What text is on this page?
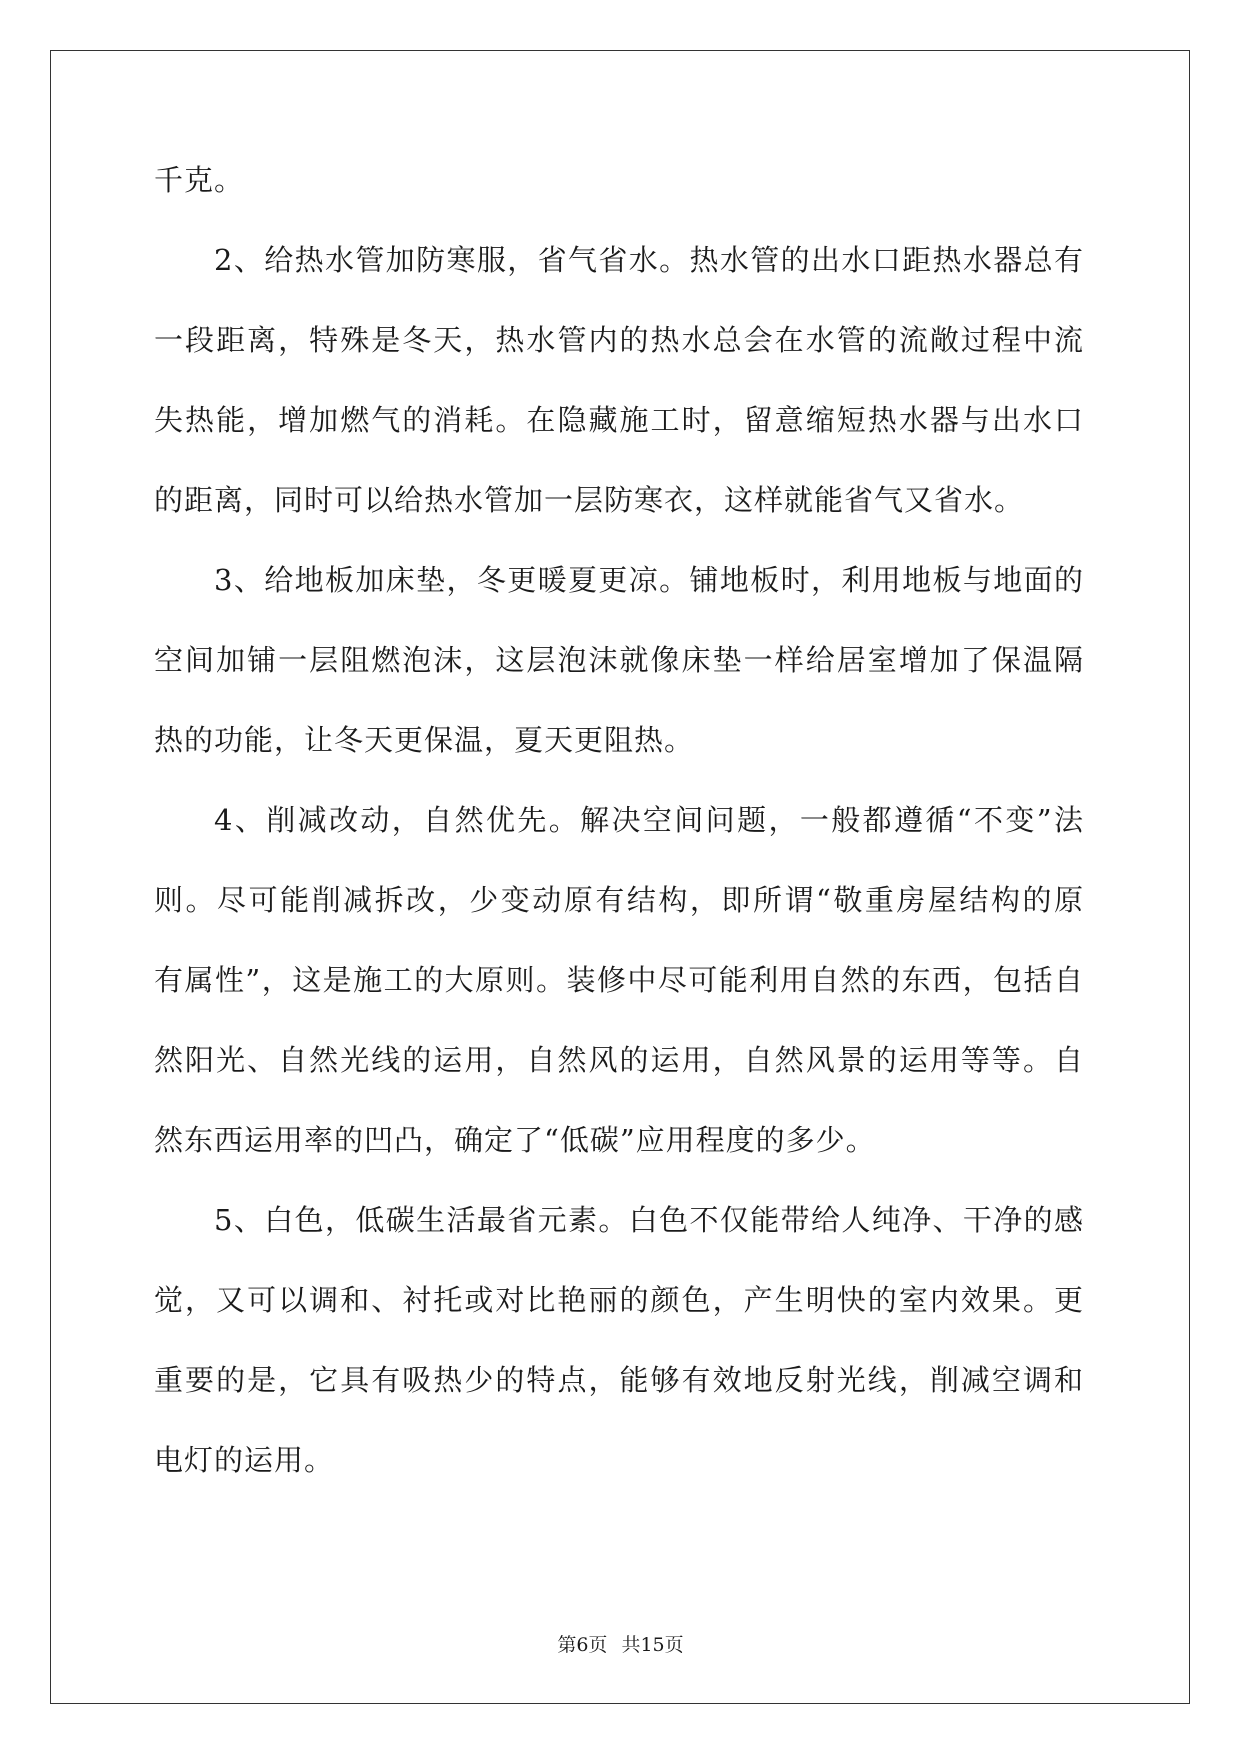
千克。
2、给热水管加防寒服，省气省水。热水管的出水口距热水器总有
一段距离，特殊是冬天，热水管内的热水总会在水管的流敞过程中流
失热能，增加燃气的消耗。在隐藏施工时，留意缩短热水器与出水口
的距离，同时可以给热水管加一层防寒衣，这样就能省气又省水。
3、给地板加床垫，冬更暖夏更凉。铺地板时，利用地板与地面的
空间加铺一层阻燃泡沫，这层泡沫就像床垫一样给居室增加了保温隔
热的功能，让冬天更保温，夏天更阻热。
4、削减改动，自然优先。解决空间问题，一般都遵循“不变”法
则。尽可能削减拆改，少变动原有结构，即所谓“敬重房屋结构的原
有属性”，这是施工的大原则。装修中尽可能利用自然的东西，包括自
然阳光、自然光线的运用，自然风的运用，自然风景的运用等等。自
然东西运用率的凹凸，确定了“低碳”应用程度的多少。
5、白色，低碳生活最省元素。白色不仅能带给人纯净、干净的感
觉，又可以调和、衬托或对比艳丽的颜色，产生明快的室内效果。更
重要的是，它具有吸热少的特点，能够有效地反射光线，削减空调和
电灯的运用。
第6页 共15页
